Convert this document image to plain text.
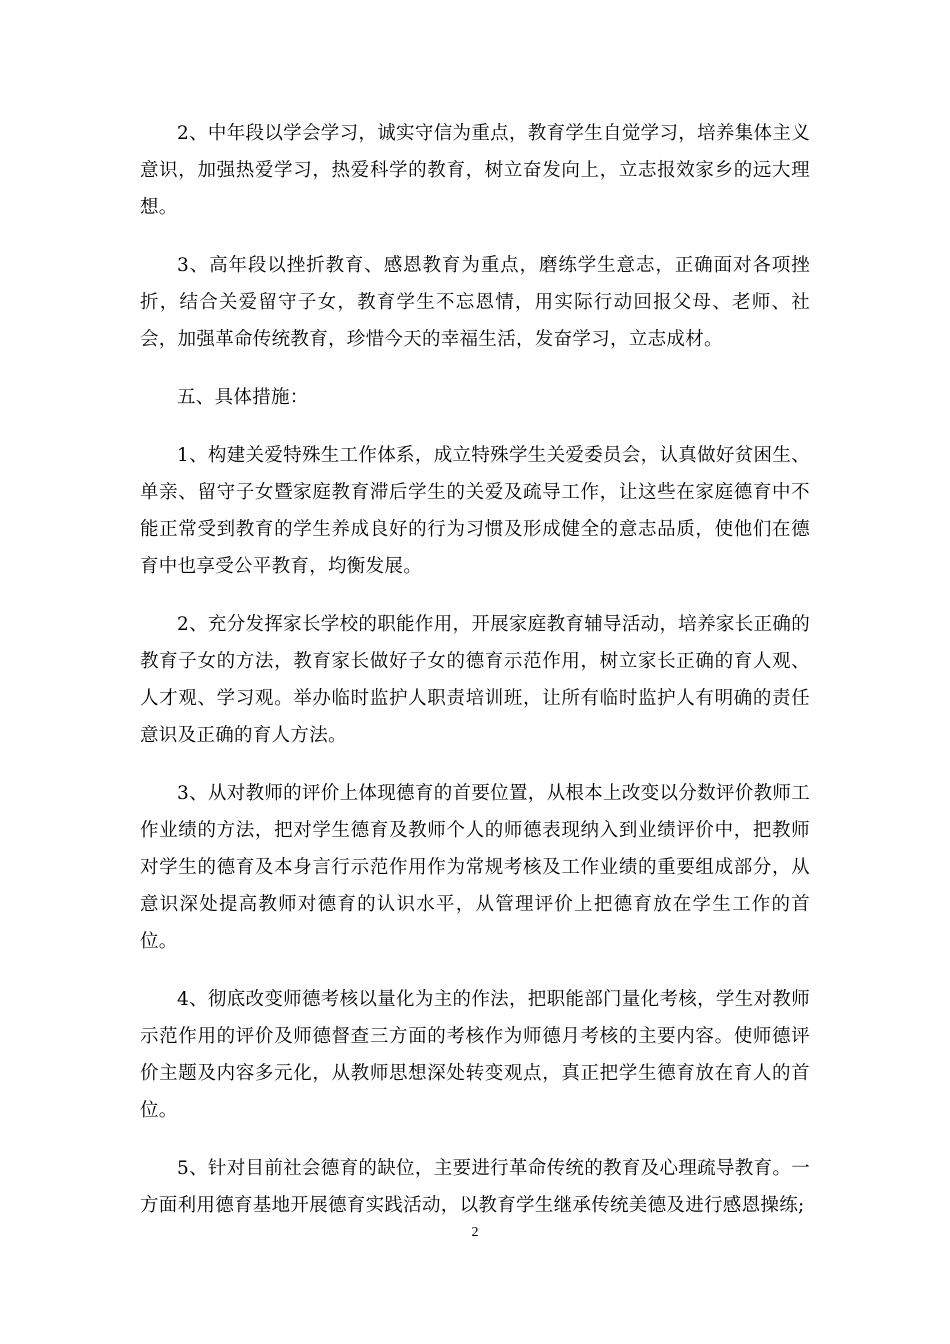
2、中年段以学会学习，诚实守信为重点，教育学生自觉学习，培养集体主义意识，加强热爱学习，热爱科学的教育，树立奋发向上，立志报效家乡的远大理想。

3、高年段以挫折教育、感恩教育为重点，磨练学生意志，正确面对各项挫折，结合关爱留守子女，教育学生不忘恩情，用实际行动回报父母、老师、社会，加强革命传统教育，珍惜今天的幸福生活，发奋学习，立志成材。

五、具体措施：

1、构建关爱特殊生工作体系，成立特殊学生关爱委员会，认真做好贫困生、单亲、留守子女暨家庭教育滞后学生的关爱及疏导工作，让这些在家庭德育中不能正常受到教育的学生养成良好的行为习惯及形成健全的意志品质，使他们在德育中也享受公平教育，均衡发展。

2、充分发挥家长学校的职能作用，开展家庭教育辅导活动，培养家长正确的教育子女的方法，教育家长做好子女的德育示范作用，树立家长正确的育人观、人才观、学习观。举办临时监护人职责培训班，让所有临时监护人有明确的责任意识及正确的育人方法。

3、从对教师的评价上体现德育的首要位置，从根本上改变以分数评价教师工作业绩的方法，把对学生德育及教师个人的师德表现纳入到业绩评价中，把教师对学生的德育及本身言行示范作用作为常规考核及工作业绩的重要组成部分，从意识深处提高教师对德育的认识水平，从管理评价上把德育放在学生工作的首位。

4、彻底改变师德考核以量化为主的作法，把职能部门量化考核，学生对教师示范作用的评价及师德督查三方面的考核作为师德月考核的主要内容。使师德评价主题及内容多元化，从教师思想深处转变观点，真正把学生德育放在育人的首位。

5、针对目前社会德育的缺位，主要进行革命传统的教育及心理疏导教育。一方面利用德育基地开展德育实践活动，以教育学生继承传统美德及进行感恩操练;

2
